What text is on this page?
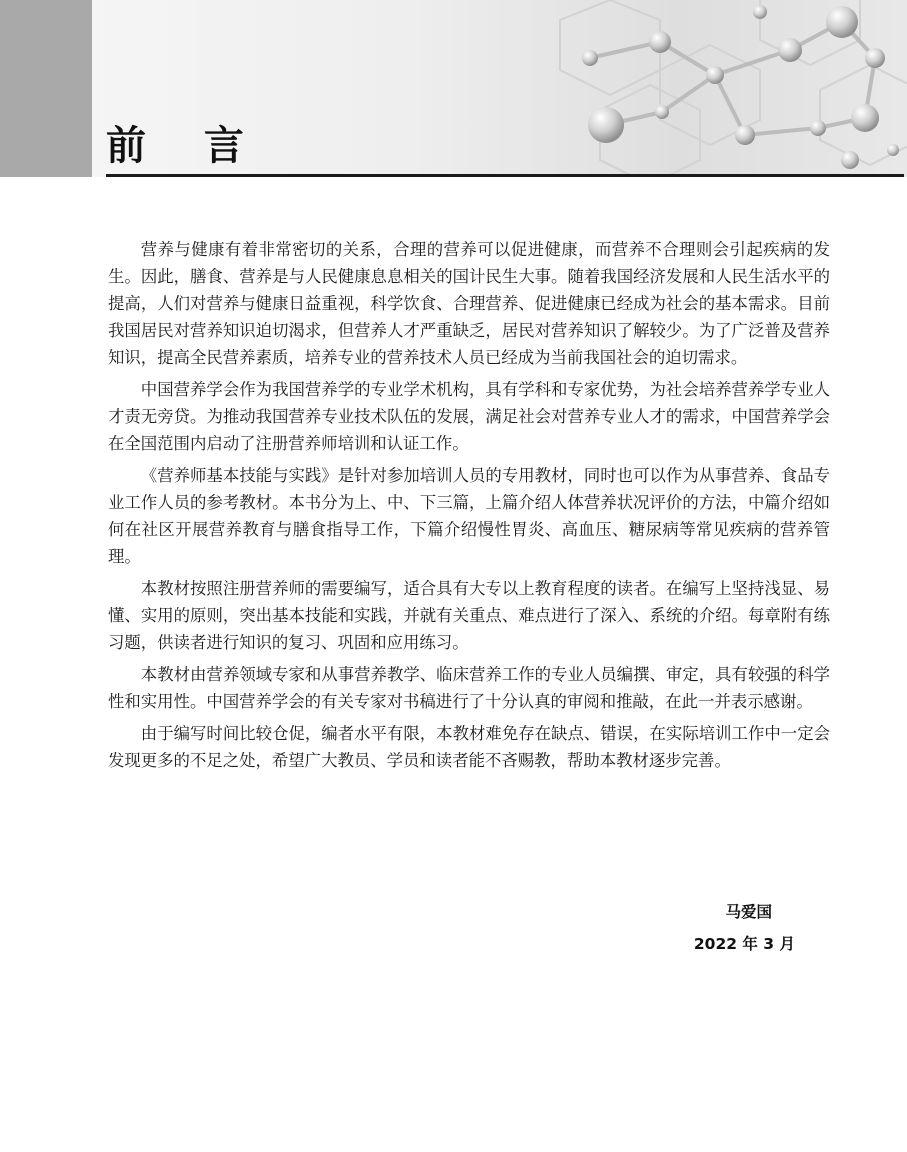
前 言

营养与健康有着非常密切的关系，合理的营养可以促进健康，而营养不合理则会引起疾病的发生。因此，膳食、营养是与人民健康息息相关的国计民生大事。随着我国经济发展和人民生活水平的提高，人们对营养与健康日益重视，科学饮食、合理营养、促进健康已经成为社会的基本需求。目前我国居民对营养知识迫切渴求，但营养人才严重缺乏，居民对营养知识了解较少。为了广泛普及营养知识，提高全民营养素质，培养专业的营养技术人员已经成为当前我国社会的迫切需求。

中国营养学会作为我国营养学的专业学术机构，具有学科和专家优势，为社会培养营养学专业人才责无旁贷。为推动我国营养专业技术队伍的发展，满足社会对营养专业人才的需求，中国营养学会在全国范围内启动了注册营养师培训和认证工作。

《营养师基本技能与实践》是针对参加培训人员的专用教材，同时也可以作为从事营养、食品专业工作人员的参考教材。本书分为上、中、下三篇，上篇介绍人体营养状况评价的方法，中篇介绍如何在社区开展营养教育与膳食指导工作，下篇介绍慢性胃炎、高血压、糖尿病等常见疾病的营养管理。

本教材按照注册营养师的需要编写，适合具有大专以上教育程度的读者。在编写上坚持浅显、易懂、实用的原则，突出基本技能和实践，并就有关重点、难点进行了深入、系统的介绍。每章附有练习题，供读者进行知识的复习、巩固和应用练习。

本教材由营养领域专家和从事营养教学、临床营养工作的专业人员编撰、审定，具有较强的科学性和实用性。中国营养学会的有关专家对书稿进行了十分认真的审阅和推敲，在此一并表示感谢。

由于编写时间比较仓促，编者水平有限，本教材难免存在缺点、错误，在实际培训工作中一定会发现更多的不足之处，希望广大教员、学员和读者能不吝赐教，帮助本教材逐步完善。

马爱国
2022 年 3 月
